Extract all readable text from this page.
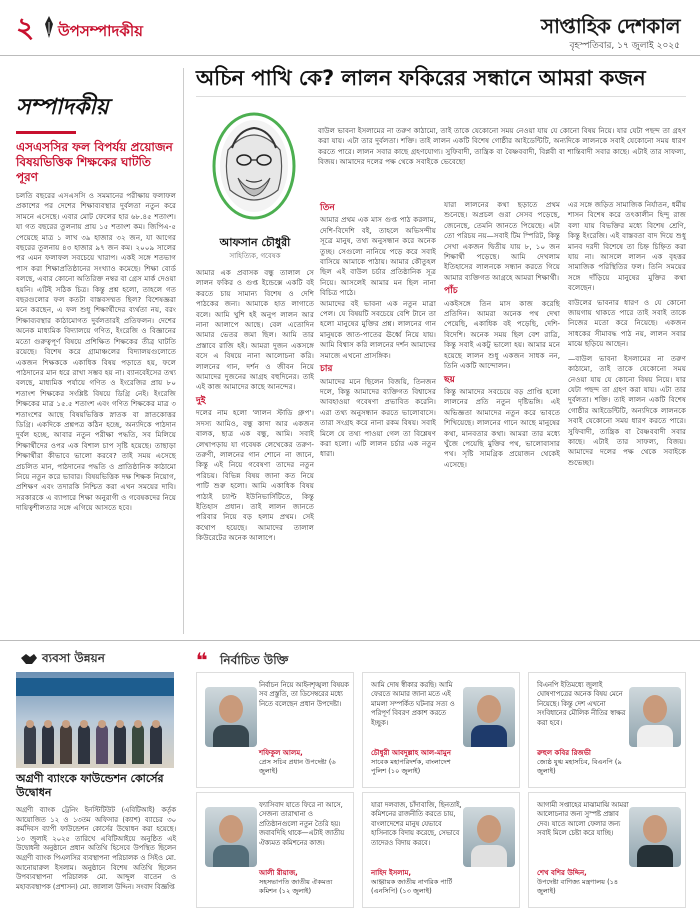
২ উপসম্পাদকীয়	সাপ্তাহিক দেশকাল
বৃহস্পতিবার, ১৭ জুলাই ২০২৫
সম্পাদকীয়
এসএসসির ফল বিপর্যয় প্রয়োজন বিষয়ভিত্তিক শিক্ষকের ঘাটতি পূরণ
চলতি বছরের এসএসসি ও সমমানের পরীক্ষায় ফলাফল প্রকাশের পর দেশের শিক্ষাব্যবস্থার দুর্বলতা নতুন করে সামনে এসেছে। এবার মোট ফেলের হার ৬৮.৪৫ শতাংশ। যা গত বছরের তুলনায় প্রায় ১৫ শতাংশ কম। জিপিএ-৫ পেয়েছে মাত্র ১ লাখ ৩৯ হাজার ৩২ জন, যা আগের বছরের তুলনায় ৪৩ হাজার ৯৭ জন কম। ২০০৯ সালের পর এমন ফলাফল সবচেয়ে খারাপ। একই সঙ্গে শতভাগ পাস করা শিক্ষাপ্রতিষ্ঠানের সংখ্যাও কমেছে। শিক্ষা বোর্ড বলছে, এবার কোনো অতিরিক্ত নম্বর বা গ্রেস মার্ক দেওয়া হয়নি। এটিই সঠিক চিত্র। কিন্তু প্রশ্ন হলো, তাহলে গত বছরগুলোর ফল কতটা বাস্তবসম্মত ছিল? বিশেষজ্ঞরা মনে করছেন, এ ফল শুধু শিক্ষার্থীদের ব্যর্থতা নয়, বরং শিক্ষাব্যবস্থার কাঠামোগত দুর্বলতারই প্রতিফলন। দেশের অনেক মাধ্যমিক বিদ্যালয়ে গণিত, ইংরেজি ও বিজ্ঞানের মতো গুরুত্বপূর্ণ বিষয়ে প্রশিক্ষিত শিক্ষকের তীব্র ঘাটতি রয়েছে। বিশেষ করে গ্রামাঞ্চলের বিদ্যালয়গুলোতে একজন শিক্ষককে একাধিক বিষয় পড়াতে হয়, ফলে পাঠদানের মান ধরে রাখা সম্ভব হয় না। ব্যানবেইসের তথ্য বলছে, মাধ্যমিক পর্যায়ে গণিত ও ইংরেজির প্রায় ৮০ শতাংশ শিক্ষকের সংশ্লিষ্ট বিষয়ে ডিগ্রি নেই। ইংরেজি শিক্ষকের মাত্র ১৫.৫ শতাংশ এবং গণিত শিক্ষকের মাত্র ৩ শতাংশের আছে বিষয়ভিত্তিক স্নাতক বা স্নাতকোত্তর ডিগ্রি। একদিকে প্রশ্নপত্র কঠিন হচ্ছে, অন্যদিকে পাঠদান দুর্বল হচ্ছে, আবার নতুন পরীক্ষা পদ্ধতি, সব মিলিয়ে শিক্ষার্থীদের ওপর এক বিশাল চাপ সৃষ্টি হয়েছে। তাছাড়া শিক্ষার্থীরা কীভাবে ভালো করবে? তাই সময় এসেছে প্রচলিত মান, পাঠদানের পদ্ধতি ও প্রাতিষ্ঠানিক কাঠামো নিয়ে নতুন করে ভাবার। বিষয়ভিত্তিক দক্ষ শিক্ষক নিয়োগ, প্রশিক্ষণ এবং তদারকি নিশ্চিত করা এখন সময়ের দাবি। সরকারকে এ ব্যাপারে শিক্ষা অনুরাগী ও গবেষকদের নিয়ে দায়িত্বশীলতার সঙ্গে এগিয়ে আসতে হবে।
অচিন পাখি কে? লালন ফকিরের সন্ধানে আমরা কজন
আফসান চৌধুরী
সাহিত্যিক, গবেষক
বাউল ভাবনা ইসলামের না তরুণ কাঠামো, তাই তাকে যেকোনো সময় নেওয়া যায় যে কোনো বিষয় নিয়ে। যার যেটা পছন্দ তা গ্রহণ করা যায়। এটা তার দুর্বলতা। শক্তি। তাই লালন একটি বিশেষ গোষ্ঠীর আইডেন্টিটি, অন্যদিকে লালনকে সবাই যেকোনো সময় ধারণ করতে পারে। লালন সবার কাছে গ্রহণযোগ্য। সুফিবাদী, তান্ত্রিক বা বৈষ্ণববাদী, বিপ্লবী বা শান্তিবাদী সবার কাছে। এটাই তার সাফল্য, বিজয়। আমাদের দলের পক্ষ থেকে সবাইকে ভেবেছো
আমার এক প্রবাসক বন্ধু তালাল সে লালন ফকির ও গুপ্ত ইন্ডেক্সে একটি বই করতে চায় সামান্য বিশেষ ও দেশি পাঠকের জন্য। আমাকে হাত লাগাতে বলে। আমি খুশি হই অনুপ লালন আর নানা আলাপে আছে। বেল এতোদিন আমার ভেতর জমা ছিল। আমি তার প্রস্তাবে রাজি হই। আমরা দুজন একসঙ্গে বসে এ বিষয়ে নানা আলোচনা করি। লালনের গান, দর্শন ও জীবন নিয়ে আমাদের দুজনের আগ্রহ বহুদিনের। তাই এই কাজ আমাদের কাছে আনন্দের।
দুই
দলের নাম হলো 'লালন স্টাডি গ্রুপ'। সদস্য আমিও, বন্ধু কাদা আর একজন বালক, ছাত্র এক বন্ধু, আমি। সবাই লেখাপড়ায় যা গবেষক লেখেকের তরুণ-তরুণী, লালনের গান শোনে না জানে, কিন্তু এই নিয়ে গবেষণা তাদের নতুন পরিচয়। বিভিন্ন বিষয় জানা কত নিয়ে পাটি শুরু হলো। আমি একাধিক বিষয় পাঠ্যই চ্যাপ্ট ইউনিভার্সিটিতে, কিন্তু ইতিহাস প্রধান। তাই লালন জানতে পরিবার নিয়ে বড় হলাম প্রথম। সেই কথোপ হয়েছে। আমাদের তালাল কিউরেটের অনেক আলাপে।
তিন
আমার প্রথম এক মাস গুপ্ত পাঠ করলাম, দেশি-বিদেশি বই, তাহলে অভিসন্দীয় সূত্রে মানুষ, তথ্য অনুসন্ধান করে অনেক তুচ্ছ। সেগুলো নানিয়ে পড়ে করে সবাই বাসিয়ে আমাকে পাঠায়। আমার কৌতুহল ছিল এই বাউল চর্চার প্রতিষ্ঠানিক সূত্র নিয়ে। আসলেই আমার মন ছিল নানা বিচিত্র পাঠে।
আমাদের বই ভাবনা এক নতুন মাত্রা পেল। যে বিষয়টি সবচেয়ে বেশি টানে তা হলো মানুষের মুক্তির প্রশ্ন। লালনের গান মানুষকে জাত-পাতের ঊর্ধ্বে নিয়ে যায়। আমি বিশ্বাস করি লালনের দর্শন আমাদের সমাজে এখনো প্রাসঙ্গিক।
চার
আমাদের মনে ছিলেন বিজয়ি, তিনজন দলে, কিন্তু আমাদের ব্যক্তিগত বিশ্বাসের আবহাওয়া গবেষণা প্রভাবিত করেনি। এরা তথ্য অনুসন্ধান করতে ভালোবাসে। তারা সংগ্রহ করে নানা রকম বিষয়। সবাই মিলে যে তথ্য পাওয়া গেল তা বিশ্লেষণ করা হলো। এটি লালন চর্চার এক নতুন ধারা।
যারা লালনের কথা ছড়াতে প্রথম শুনেছে। অপ্রচল গুরা সেসব পড়েছে, জেনেছে, তেমনি জানতে পিয়েছে। এটা তো পরিচয় নয়—সবাই টিম স্পিরিট, কিন্তু সেখা একজন দ্বিতীয় যায় ৮, ১০ জন শিক্ষার্থী পড়েছে। আমি দেখলাম ইতিহাসের লালনকে সন্ধান করতে গিয়ে আমার ব্যক্তিগত আগ্রহে আমরা শিক্ষার্থী।
পাঁচ
একইসঙ্গে তিন মাস কাজ করেছি প্রতিদিন। আমরা অনেক পথ দেখা পেয়েছি, একাধিক বই পড়েছি, দেশি-বিদেশি। অনেক সময় ছিল বেশ রাত্রি, কিন্তু সবাই একটু ভালো হয়। আমার মনে হয়েছে লালন শুধু একজন সাধক নন, তিনি একটি আন্দোলন।
ছয়
কিন্তু আমাদের সবচেয়ে বড় প্রাপ্তি হলো লালনের প্রতি নতুন দৃষ্টিভঙ্গি। এই অভিজ্ঞতা আমাদের নতুন করে ভাবতে শিখিয়েছে। লালনের গানে আছে মানুষের কথা, মানবতার কথা। আমরা তার মধ্যে খুঁজে পেয়েছি মুক্তির পথ, ভালোবাসার পথ। সৃষ্টি সামগ্রিক প্রয়োজন থেকেই এসেছে।
এর সঙ্গে জড়িত সামাজিক নির্যাতন, ধর্মীয় শাসন বিশেষ করে তৎকালীন হিন্দু রাজ বলা যায় বিভক্তির মধ্যে বিশেষ শ্রেণি, কিন্তু ইংরেজি। এই বাস্তবতা বাদ দিয়ে শুধু মানব দরদী বিশেষে তা চিহ্ন চিহ্নিত করা যায় না। আসলে লালন এক বৃহত্তর সামাজিক পরিস্থিতির ফল। তিনি সময়ের সঙ্গে দাঁড়িয়ে মানুষের মুক্তির কথা বলেছেন।
বাউলের ভাবনার ধারণ ও যে কোনো জায়গায় থাকতে পারে তাই সবাই তাকে নিজের মতো করে নিয়েছে। একজন সাধকের সীমাবদ্ধ পাঠ নয়, লালন সবার মাঝে ছড়িয়ে আছেন।
—বাউল ভাবনা ইসলামের না তরুণ কাঠামো, তাই তাকে যেকোনো সময় নেওয়া যায় যে কোনো বিষয় নিয়ে। যার যেটা পছন্দ তা গ্রহণ করা যায়। এটা তার দুর্বলতা। শক্তি। তাই লালন একটি বিশেষ গোষ্ঠীর আইডেন্টিটি, অন্যদিকে লালনকে সবাই যেকোনো সময় ধারণ করতে পারে। সুফিবাদী, তান্ত্রিক বা বৈষ্ণববাদী সবার কাছে। এটাই তার সাফল্য, বিজয়। আমাদের দলের পক্ষ থেকে সবাইকে শুভেচ্ছা।
ব্যবসা উন্নয়ন
অগ্রণী ব্যাংকে ফাউন্ডেশন কোর্সের উদ্বোধন
অগ্রণী ব্যাংক ট্রেনিং ইনস্টিটিউট (এবিটিআই) কর্তৃক আয়োজিত ১২ ও ১৩তম অফিসার (ক্যাশ) ব্যাচের ৩০ কর্মদিবস ব্যাপী ফাউন্ডেশন কোর্সের উদ্বোধন করা হয়েছে। ১৩ জুলাই ২০২৫ তারিখে এবিটিআইয়ে অনুষ্ঠিত এই উদ্বোধনী অনুষ্ঠানে প্রধান অতিথি হিসেবে উপস্থিত ছিলেন অগ্রণী ব্যাংক পিএলসির ব্যবস্থাপনা পরিচালক ও সিইও মো. আনোয়ারুল ইসলাম। অনুষ্ঠানে বিশেষ অতিথি ছিলেন উপব্যবস্থাপনা পরিচালক মো. আব্দুল বাতেন ও মহাব্যবস্থাপক (প্রশাসন) মো. জালাল উদ্দিন। সংবাদ বিজ্ঞপ্তি
❝ নির্বাচিত উক্তি
নির্বাচন নিয়ে আইনশৃঙ্খলা বিষয়ক সব প্রস্তুতি, তা ডিসেম্বরের মধ্যে নিতে বলেছেন প্রধান উপদেষ্টা।
শফিকুল আলম,
প্রেস সচিব প্রধান উপদেষ্টা (৬ জুলাই)
আমি দোষ স্বীকার করছি। আমি ফেরতে আমার জানা মতে এই মামলা সম্পর্কিত ঘটনার সত্য ও পরিপূর্ণ বিবরণ প্রকাশ করতে ইচ্ছুক।
চৌধুরী আবদুল্লাহ আল-মামুন
সাবেক মহাপরিদর্শক, বাংলাদেশ পুলিশ (১০ জুলাই)
বিএনপি ইতিমধ্যে জুলাই ঘোষণাপত্রের অনেক বিষয় মেনে নিয়েছে। কিন্তু দেশ এখনো সংবিধানের মৌলিক নীতির স্বাক্ষর করা হবে।
রুহুল কবির রিজভী
জ্যেষ্ঠ যুগ্ম মহাসচিব, বিএনপি (৯ জুলাই)
ফ্যাসিবাদ যাতে ফিরে না আসে, সেজন্য তারাখানা ও প্রতিষ্ঠানগুলো নতুন তৈরি হয়। জবাবদিহি থাকে—এটাই জাতীয় ঐক্যমত কমিশনের কাজ।
আলী রীয়াজ,
সহসভাপতি জাতীয় ঐকমত্য কমিশন (১২ জুলাই)
যারা দলবাজ, চাঁদাবাজি, ছিনতাই, কমিশনের রাজনীতি করতে চায়, বাংলাদেশের মানুষ যেভাবে হাসিনাকে বিদায় করেছে, সেভাবে তাদেরও বিদায় করবে।
নাহিদ ইসলাম,
আহ্বায়ক জাতীয় নাগরিক পার্টি (এনসিপি) (১৩ জুলাই)
আগামী সপ্তাহের মাঝামাঝি আমরা আলোচনার জন্য সুস্পষ্ট প্রস্তাব দেব। যাতে আলো ফেলার জন্য সবাই মিলে চেষ্টা করে যাচ্ছি।
শেখ বশির উদ্দিন,
উপদেষ্টা বাণিজ্য মন্ত্রণালয় (১৪ জুলাই)
